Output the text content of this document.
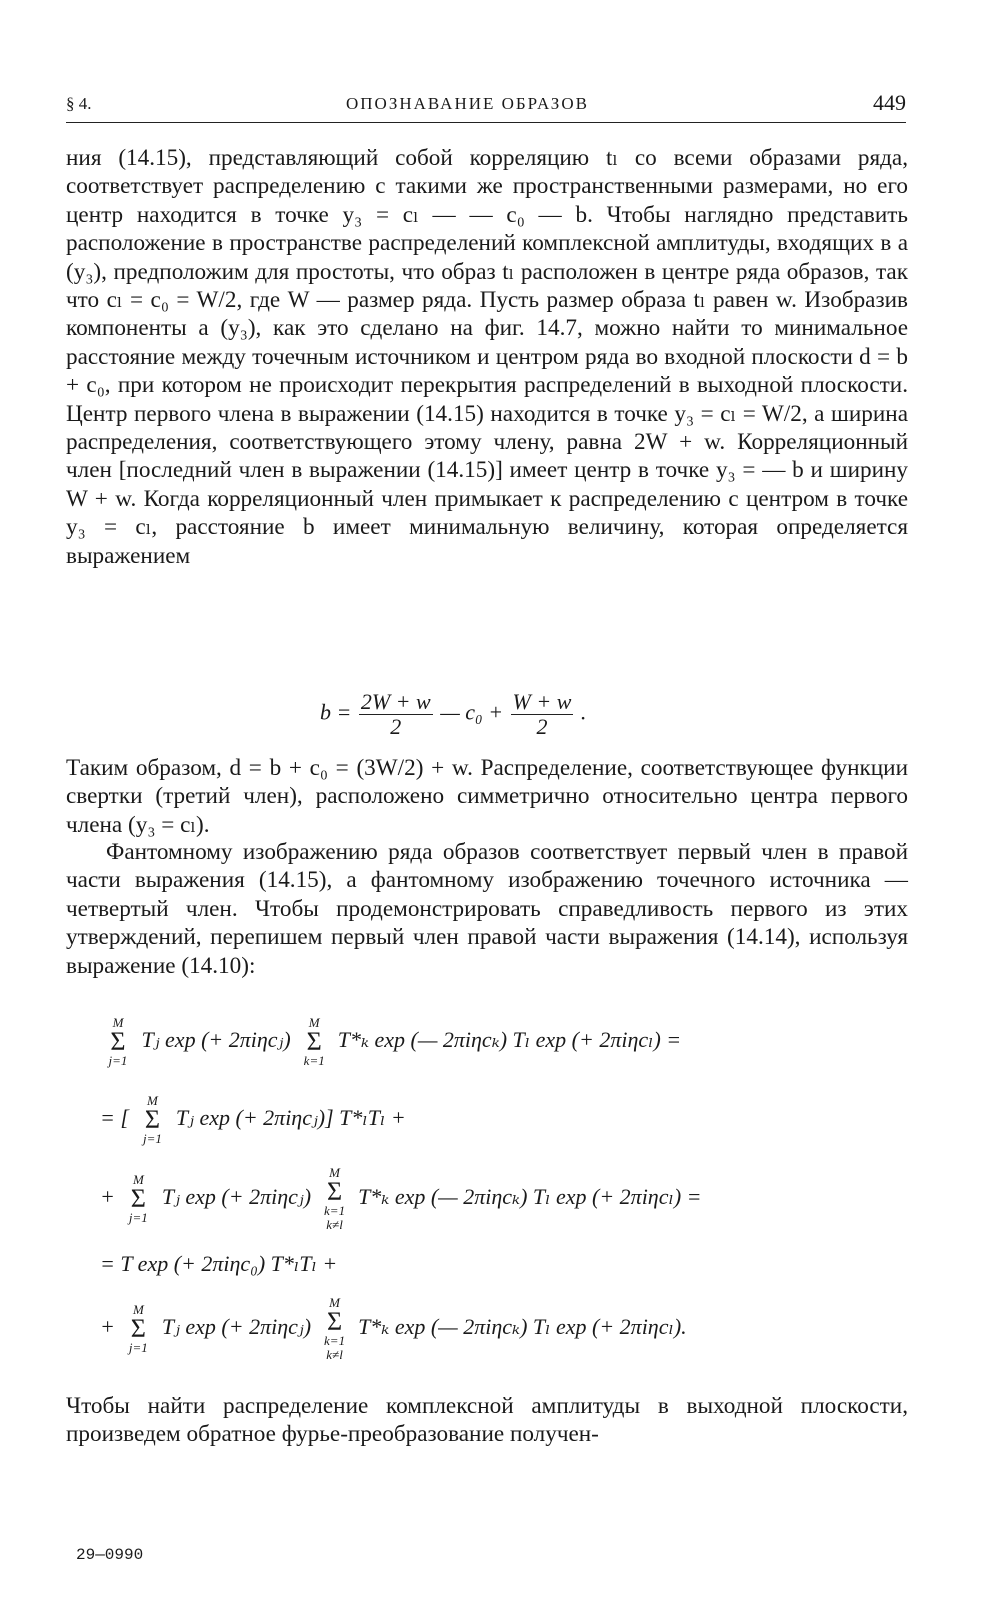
§ 4.	ОПОЗНАВАНИЕ ОБРАЗОВ	449
ния (14.15), представляющий собой корреляцию tₗ со всеми образами ряда, соответствует распределению с такими же пространственными размерами, но его центр находится в точке y₃ = cₗ — — c₀ — b. Чтобы наглядно представить расположение в пространстве распределений комплексной амплитуды, входящих в a (y₃), предположим для простоты, что образ tₗ расположен в центре ряда образов, так что cₗ = c₀ = W/2, где W — размер ряда. Пусть размер образа tₗ равен w. Изобразив компоненты a (y₃), как это сделано на фиг. 14.7, можно найти то минимальное расстояние между точечным источником и центром ряда во входной плоскости d = b + c₀, при котором не происходит перекрытия распределений в выходной плоскости. Центр первого члена в выражении (14.15) находится в точке y₃ = cₗ = W/2, а ширина распределения, соответствующего этому члену, равна 2W + w. Корреляционный член [последний член в выражении (14.15)] имеет центр в точке y₃ = — b и ширину W + w. Когда корреляционный член примыкает к распределению с центром в точке y₃ = cₗ, расстояние b имеет минимальную величину, которая определяется выражением
$b = \frac{2W + w}{2}$ — $c_0 + \frac{W + w}{2}$ .
Таким образом, d = b + c₀ = (3W/2) + w. Распределение, соответствующее функции свертки (третий член), расположено симметрично относительно центра первого члена (y₃ = cₗ).
Фантомному изображению ряда образов соответствует первый член в правой части выражения (14.15), а фантомному изображению точечного источника — четвертый член. Чтобы продемонстрировать справедливость первого из этих утверждений, перепишем первый член правой части выражения (14.14), используя выражение (14.10):
M
Σ
j=1
Tⱼ exp (+ 2πiηcⱼ)
M
Σ
k=1
T*ₖ exp (— 2πiηcₖ) Tₗ exp (+ 2πiηcₗ) =
= [
M
Σ
j=1
Tⱼ exp (+ 2πiηcⱼ)] T*ₗTₗ +
+
M
Σ
j=1
Tⱼ exp (+ 2πiηcⱼ)
M
Σ
k=1
k≠l
T*ₖ exp (— 2πiηcₖ) Tₗ exp (+ 2πiηcₗ) =
= T exp (+ 2πiηc₀) T*ₗTₗ +
+
M
Σ
j=1
Tⱼ exp (+ 2πiηcⱼ)
M
Σ
k=1
k≠l
T*ₖ exp (— 2πiηcₖ) Tₗ exp (+ 2πiηcₗ).
Чтобы найти распределение комплексной амплитуды в выходной плоскости, произведем обратное фурье-преобразование получен-
29—0990
